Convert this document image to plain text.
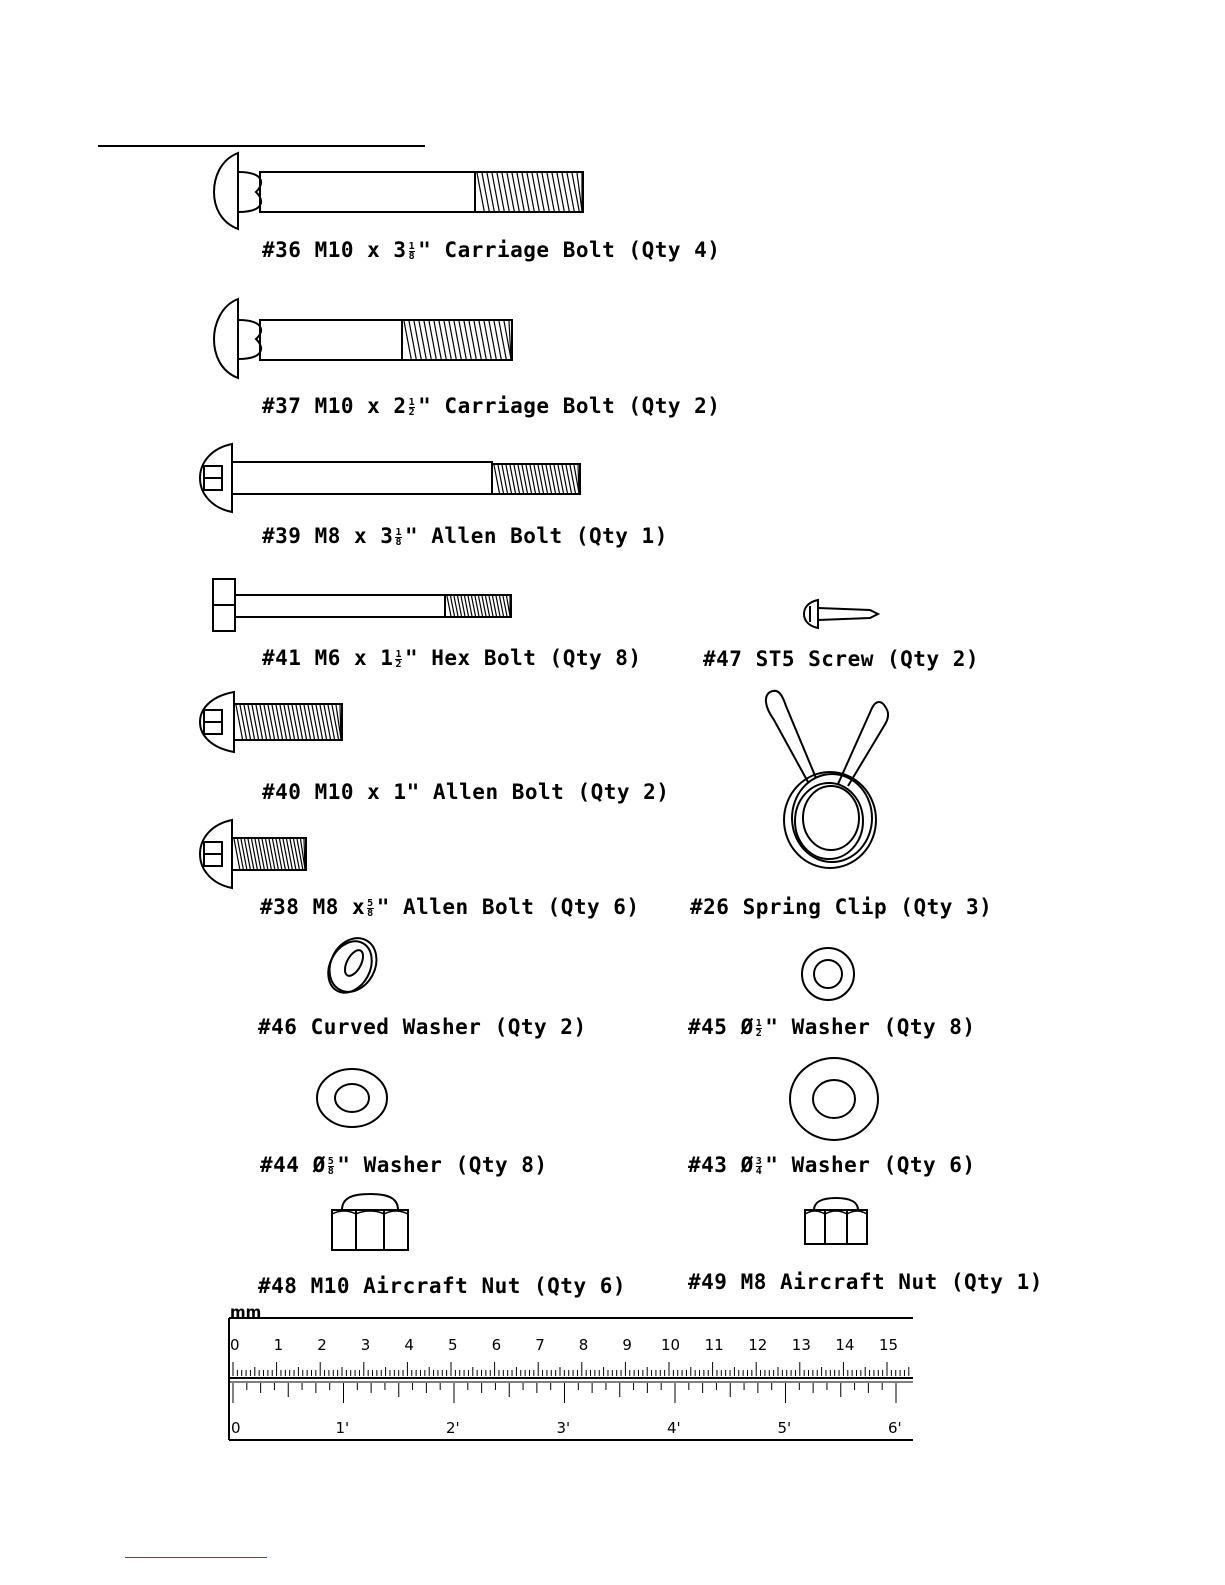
#36 M10 x $3 \frac{1}{8}$ " Carriage Bolt (Qty 4)
#37 M10 x $2 \frac{1}{2}$ " Carriage Bolt (Qty 2)
#39 M8 x $3 \frac{1}{8}$ " Allen Bolt (Qty 1)
#41 M6 x $1 \frac{1}{2}$ " Hex Bolt (Qty 8)	#47 ST5 Screw (Qty 2)
#40 M10 x 1" Allen Bolt (Qty 2)
#38 M8 x $\frac{5}{8}$ " Allen Bolt (Qty 6) #26 Spring Clip (Qty 3)
#46 Curved Washer (Qty 2)	#45 Ø $\frac{1}{2}$ " Washer (Qty 8)
#44 Ø $\frac{5}{8}$ " Washer (Qty 8)	#43 Ø $\frac{3}{4}$ " Washer (Qty 6)
#48 M10 Aircraft Nut (Qty 6)	#49 M8 Aircraft Nut (Qty 1)
mm
0 1 2 3 4 5 6 7 8 9 10 11 12 13 14 15
0	1'	2'	3'	4'	5'	6'
